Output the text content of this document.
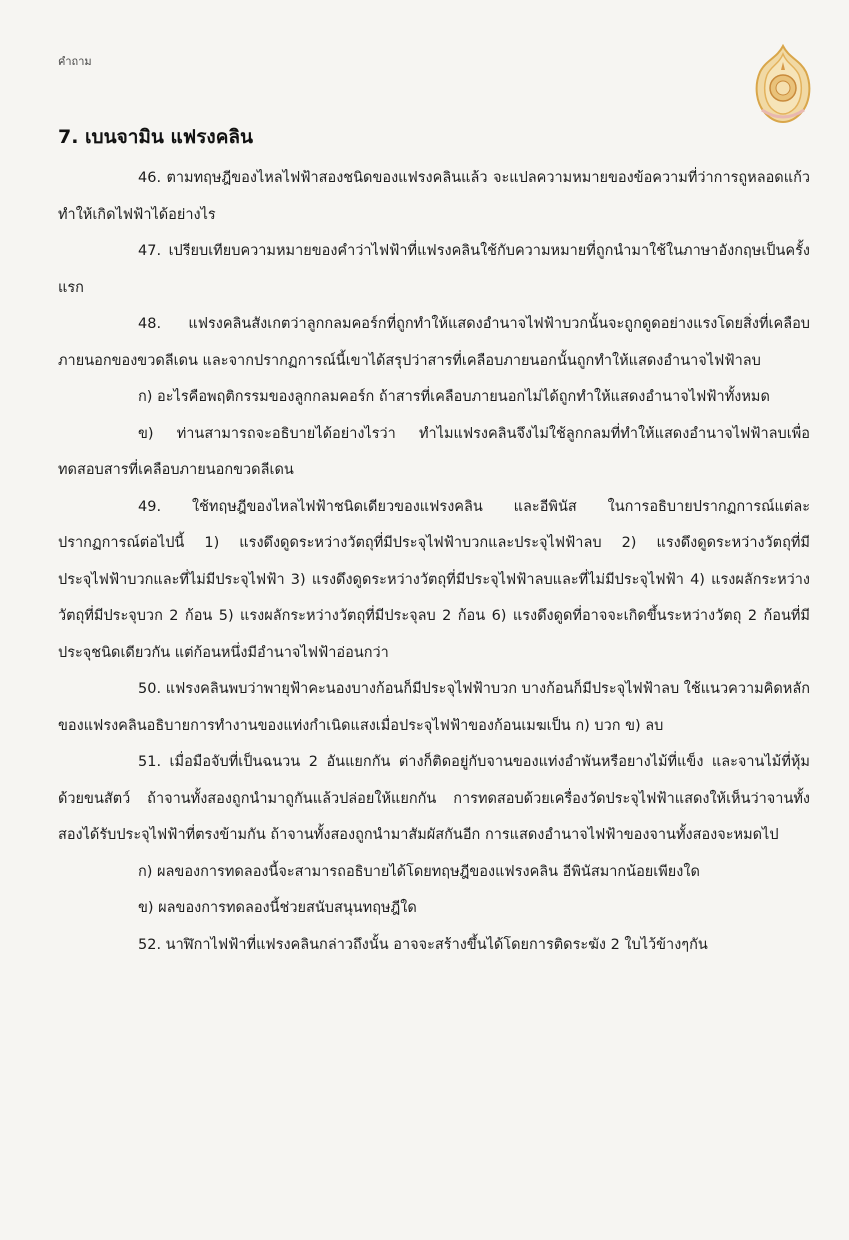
คำถาม
7. เบนจามิน แฟรงคลิน

46. ตามทฤษฎีของไหลไฟฟ้าสองชนิดของแฟรงคลินแล้ว จะแปลความหมายของข้อความที่ว่าการถูหลอดแก้วทำให้เกิดไฟฟ้าได้อย่างไร

47. เปรียบเทียบความหมายของคำว่าไฟฟ้าที่แฟรงคลินใช้กับความหมายที่ถูกนำมาใช้ในภาษาอังกฤษเป็นครั้งแรก

48. แฟรงคลินสังเกตว่าลูกกลมคอร์กที่ถูกทำให้แสดงอำนาจไฟฟ้าบวกนั้นจะถูกดูดอย่างแรงโดยสิ่งที่เคลือบภายนอกของขวดลีเดน และจากปรากฏการณ์นี้เขาได้สรุปว่าสารที่เคลือบภายนอกนั้นถูกทำให้แสดงอำนาจไฟฟ้าลบ

ก) อะไรคือพฤติกรรมของลูกกลมคอร์ก ถ้าสารที่เคลือบภายนอกไม่ได้ถูกทำให้แสดงอำนาจไฟฟ้าทั้งหมด

ข) ท่านสามารถจะอธิบายได้อย่างไรว่า ทำไมแฟรงคลินจึงไม่ใช้ลูกกลมที่ทำให้แสดงอำนาจไฟฟ้าลบเพื่อทดสอบสารที่เคลือบภายนอกขวดลีเดน

49. ใช้ทฤษฎีของไหลไฟฟ้าชนิดเดียวของแฟรงคลิน และอีพินัส ในการอธิบายปรากฏการณ์แต่ละปรากฏการณ์ต่อไปนี้ 1) แรงดึงดูดระหว่างวัตถุที่มีประจุไฟฟ้าบวกและประจุไฟฟ้าลบ 2) แรงดึงดูดระหว่างวัตถุที่มีประจุไฟฟ้าบวกและที่ไม่มีประจุไฟฟ้า 3) แรงดึงดูดระหว่างวัตถุที่มีประจุไฟฟ้าลบและที่ไม่มีประจุไฟฟ้า 4) แรงผลักระหว่างวัตถุที่มีประจุบวก 2 ก้อน 5) แรงผลักระหว่างวัตถุที่มีประจุลบ 2 ก้อน 6) แรงดึงดูดที่อาจจะเกิดขึ้นระหว่างวัตถุ 2 ก้อนที่มีประจุชนิดเดียวกัน แต่ก้อนหนึ่งมีอำนาจไฟฟ้าอ่อนกว่า

50. แฟรงคลินพบว่าพายุฟ้าคะนองบางก้อนก็มีประจุไฟฟ้าบวก บางก้อนก็มีประจุไฟฟ้าลบ ใช้แนวความคิดหลักของแฟรงคลินอธิบายการทำงานของแท่งกำเนิดแสงเมื่อประจุไฟฟ้าของก้อนเมฆเป็น ก) บวก ข) ลบ

51. เมื่อมือจับที่เป็นฉนวน 2 อันแยกกัน ต่างก็ติดอยู่กับจานของแท่งอำพันหรือยางไม้ที่แข็ง และจานไม้ที่หุ้มด้วยขนสัตว์ ถ้าจานทั้งสองถูกนำมาถูกันแล้วปล่อยให้แยกกัน การทดสอบด้วยเครื่องวัดประจุไฟฟ้าแสดงให้เห็นว่าจานทั้งสองได้รับประจุไฟฟ้าที่ตรงข้ามกัน ถ้าจานทั้งสองถูกนำมาสัมผัสกันอีก การแสดงอำนาจไฟฟ้าของจานทั้งสองจะหมดไป

ก) ผลของการทดลองนี้จะสามารถอธิบายได้โดยทฤษฎีของแฟรงคลิน อีพินัสมากน้อยเพียงใด

ข) ผลของการทดลองนี้ช่วยสนับสนุนทฤษฎีใด

52. นาฬิกาไฟฟ้าที่แฟรงคลินกล่าวถึงนั้น อาจจะสร้างขึ้นได้โดยการติดระฆัง 2 ใบไว้ข้างๆกัน
